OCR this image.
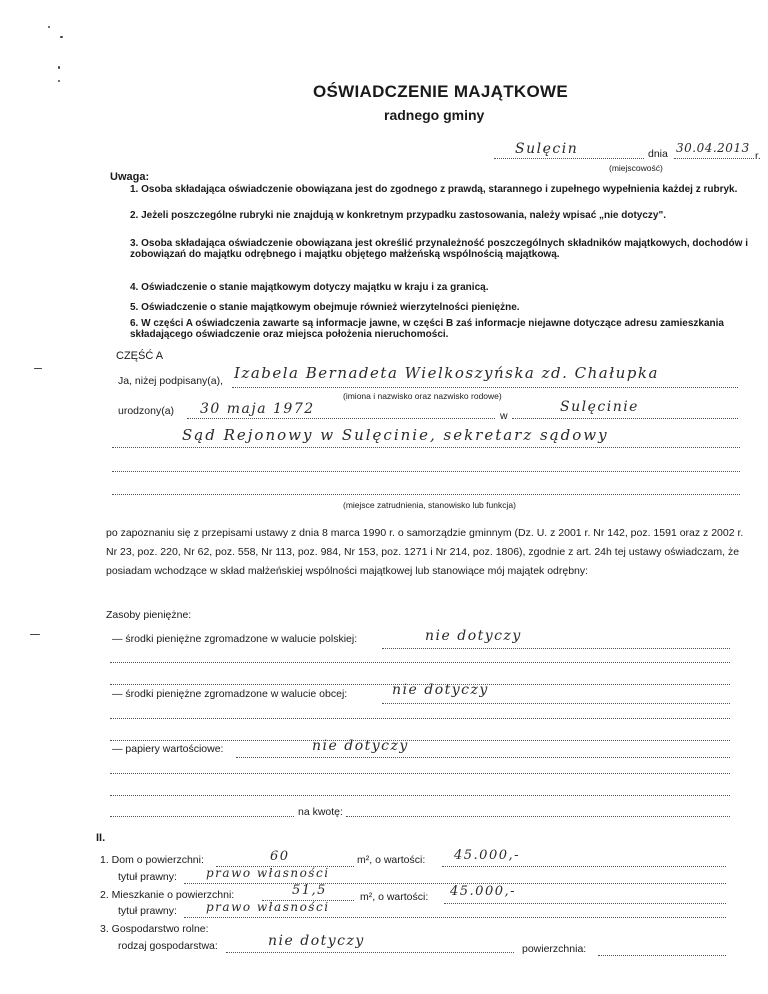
OŚWIADCZENIE MAJĄTKOWE
radnego gminy
Sulęcin	dnia 30.04.2013
r.
(miejscowość)
Uwaga:
1. Osoba składająca oświadczenie obowiązana jest do zgodnego z prawdą, starannego i zupełnego wypełnienia każdej z rubryk.
2. Jeżeli poszczególne rubryki nie znajdują w konkretnym przypadku zastosowania, należy wpisać „nie dotyczy".
3. Osoba składająca oświadczenie obowiązana jest określić przynależność poszczególnych składników majątkowych, dochodów i zobowiązań do majątku odrębnego i majątku objętego małżeńską wspólnością majątkową.
4. Oświadczenie o stanie majątkowym dotyczy majątku w kraju i za granicą.
5. Oświadczenie o stanie majątkowym obejmuje również wierzytelności pieniężne.
6. W części A oświadczenia zawarte są informacje jawne, w części B zaś informacje niejawne dotyczące adresu zamieszkania składającego oświadczenie oraz miejsca położenia nieruchomości.
CZĘŚĆ A
Ja, niżej podpisany(a), Izabela Bernadeta Wielkoszyńska zd. Chałupka
(imiona i nazwisko oraz nazwisko rodowe)
urodzony(a) 30 maja 1972	w
Sulęcinie
Sąd Rejonowy w Sulęcinie, sekretarz sądowy
(miejsce zatrudnienia, stanowisko lub funkcja)
po zapoznaniu się z przepisami ustawy z dnia 8 marca 1990 r. o samorządzie gminnym (Dz. U. z 2001 r. Nr 142, poz. 1591 oraz z 2002 r. Nr 23, poz. 220, Nr 62, poz. 558, Nr 113, poz. 984, Nr 153, poz. 1271 i Nr 214, poz. 1806), zgodnie z art. 24h tej ustawy oświadczam, że posiadam wchodzące w skład małżeńskiej wspólności majątkowej lub stanowiące mój majątek odrębny:
Zasoby pieniężne:
— środki pieniężne zgromadzone w walucie polskiej:	nie dotyczy
— środki pieniężne zgromadzone w walucie obcej:	nie dotyczy
— papiery wartościowe:	nie dotyczy
na kwotę:
II.
1. Dom o powierzchni:	60	m², o wartości: 45.000,-
tytuł prawny: prawo własności
2. Mieszkanie o powierzchni:	51,5	m², o wartości: 45.000,-
tytuł prawny: prawo własności
3. Gospodarstwo rolne:
rodzaj gospodarstwa:	nie dotyczy	powierzchnia:
